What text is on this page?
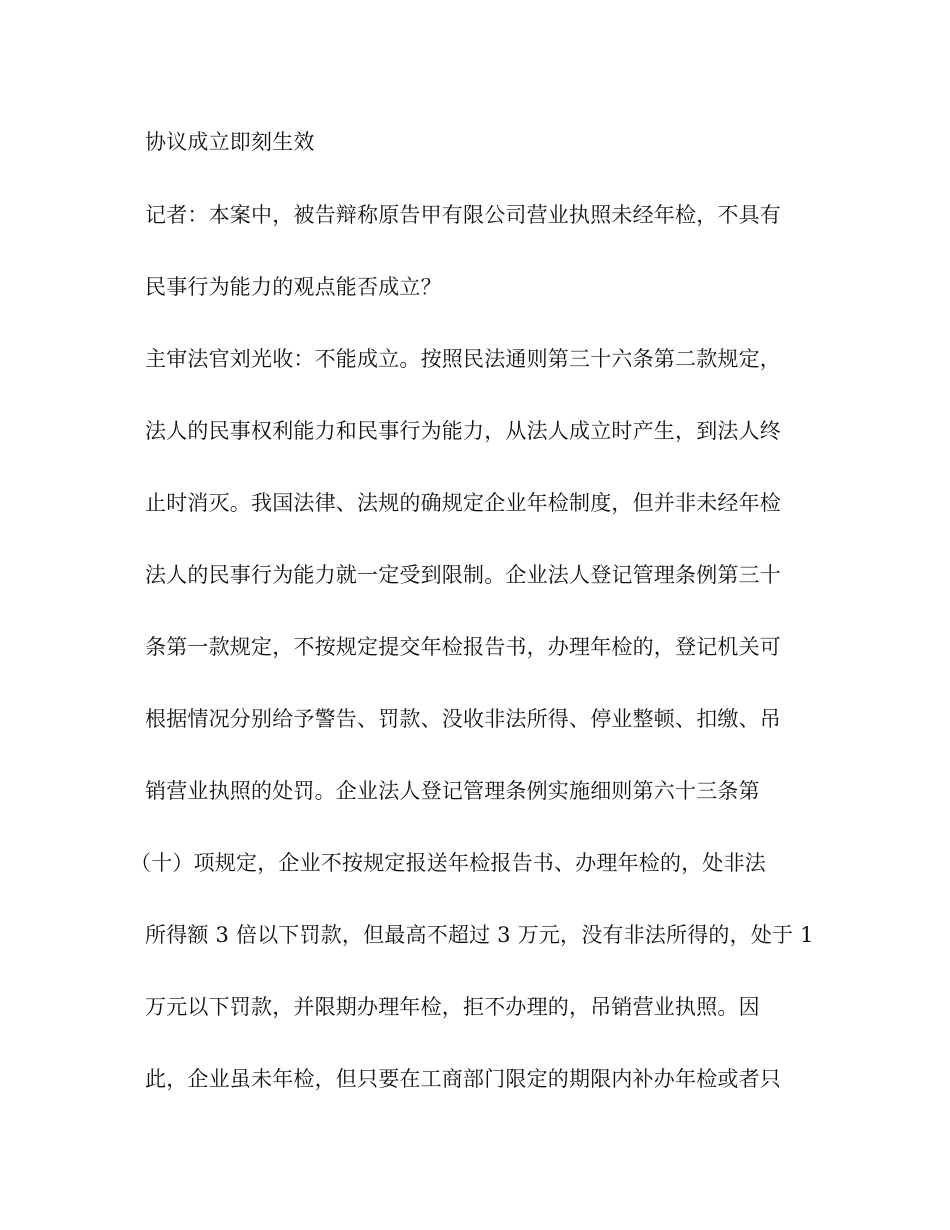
协议成立即刻生效

记者：本案中，被告辩称原告甲有限公司营业执照未经年检，不具有

民事行为能力的观点能否成立？

主审法官刘光收：不能成立。按照民法通则第三十六条第二款规定，

法人的民事权利能力和民事行为能力，从法人成立时产生，到法人终

止时消灭。我国法律、法规的确规定企业年检制度，但并非未经年检

法人的民事行为能力就一定受到限制。企业法人登记管理条例第三十

条第一款规定，不按规定提交年检报告书，办理年检的，登记机关可

根据情况分别给予警告、罚款、没收非法所得、停业整顿、扣缴、吊

销营业执照的处罚。企业法人登记管理条例实施细则第六十三条第

（十）项规定，企业不按规定报送年检报告书、办理年检的，处非法

所得额 3 倍以下罚款，但最高不超过 3 万元，没有非法所得的，处于 1

万元以下罚款，并限期办理年检，拒不办理的，吊销营业执照。因

此，企业虽未年检，但只要在工商部门限定的期限内补办年检或者只
